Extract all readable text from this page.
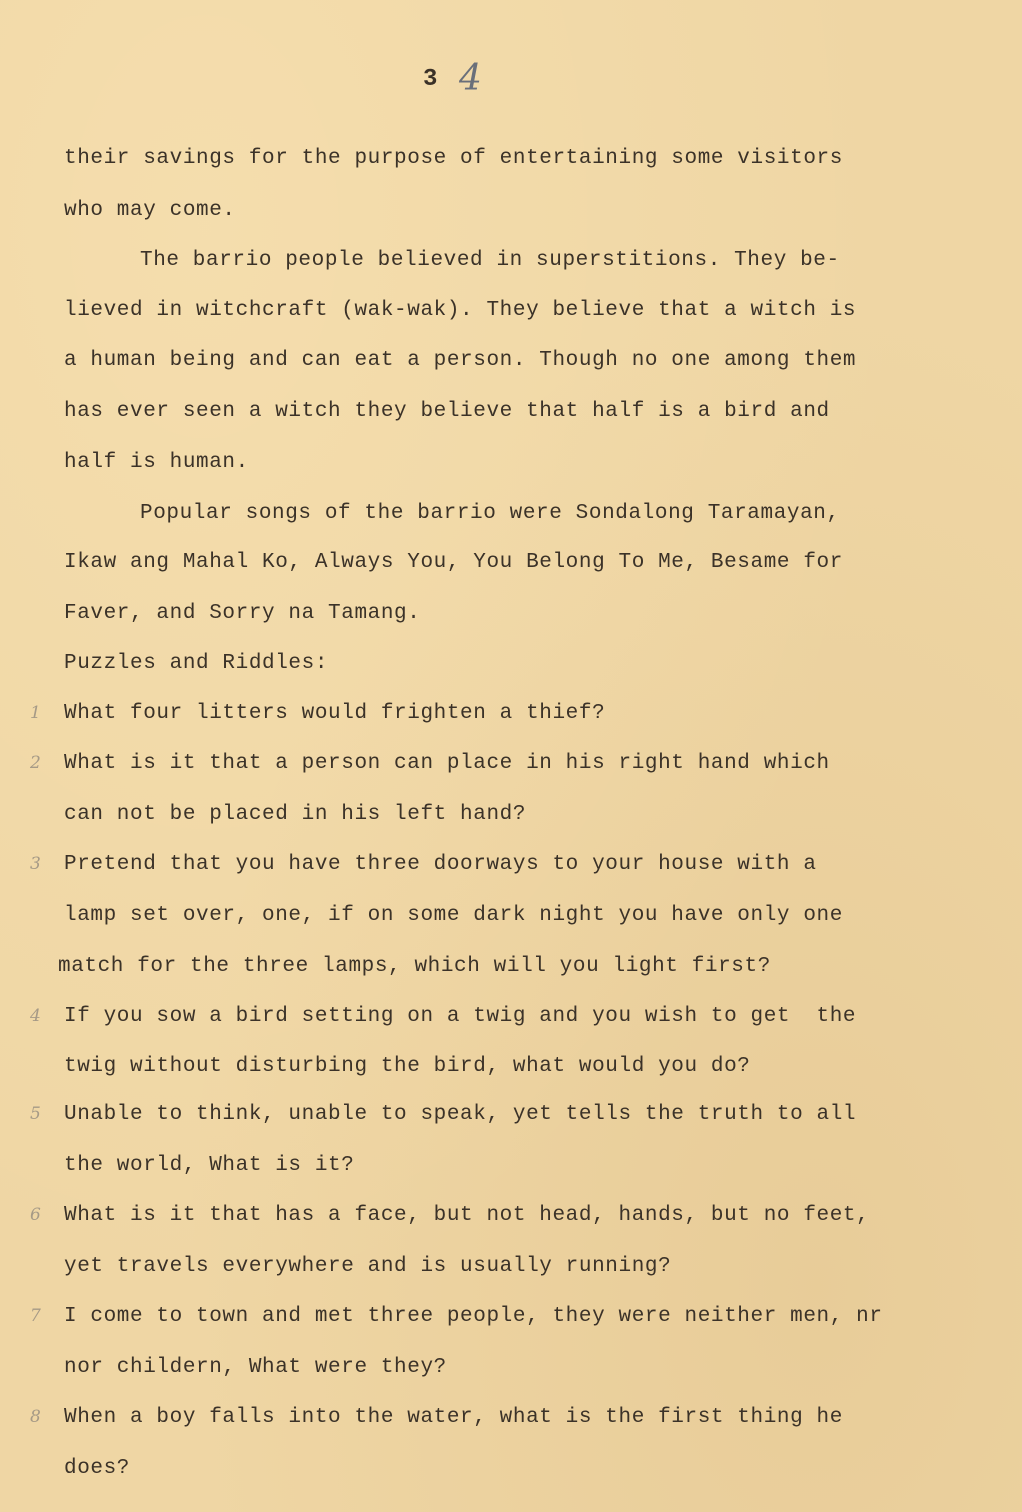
3 4
their savings for the purpose of entertaining some visitors
who may come.
The barrio people believed in superstitions. They be-
lieved in witchcraft (wak-wak). They believe that a witch is
a human being and can eat a person. Though no one among them
has ever seen a witch they believe that half is a bird and
half is human.
Popular songs of the barrio were Sondalong Taramayan,
Ikaw ang Mahal Ko, Always You, You Belong To Me, Besame for
Faver, and Sorry na Tamang.
Puzzles and Riddles:
1 What four litters would frighten a thief?
2 What is it that a person can place in his right hand which
can not be placed in his left hand?
3 Pretend that you have three doorways to your house with a
lamp set over, one, if on some dark night you have only one
match for the three lamps, which will you light first?
4 If you sow a bird setting on a twig and you wish to get  the
twig without disturbing the bird, what would you do?
5 Unable to think, unable to speak, yet tells the truth to all
the world, What is it?
6 What is it that has a face, but not head, hands, but no feet,
yet travels everywhere and is usually running?
7 I come to town and met three people, they were neither men, nr
nor childern, What were they?
8 When a boy falls into the water, what is the first thing he
does?
